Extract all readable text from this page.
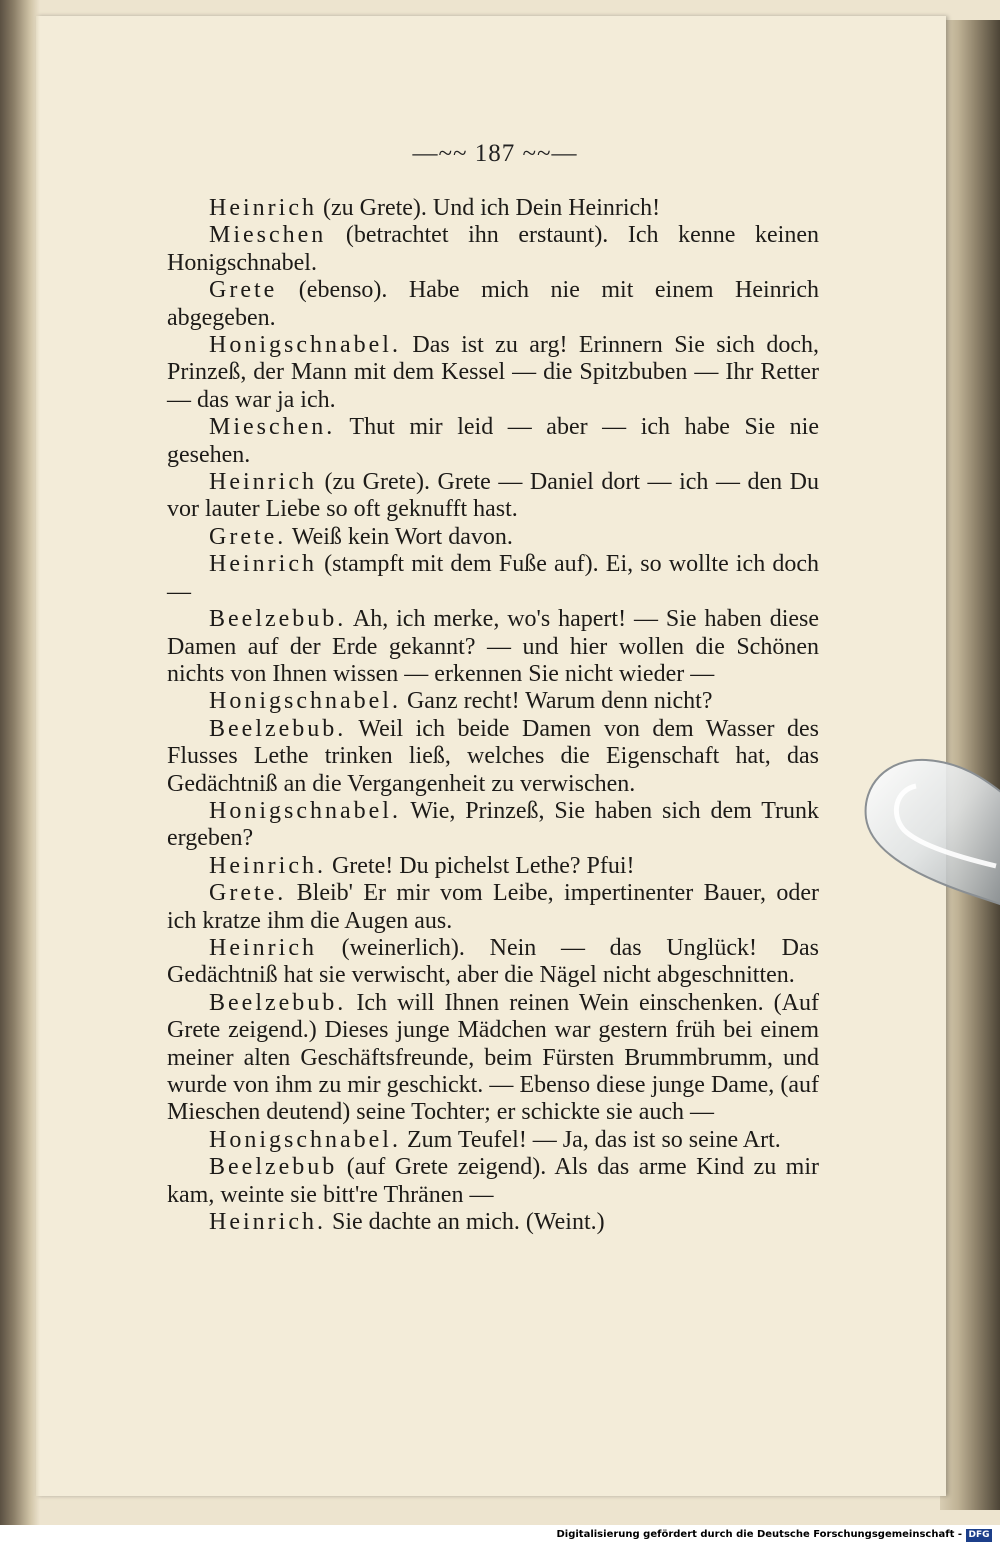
—~~ 187 ~~—

Heinrich (zu Grete). Und ich Dein Heinrich!

Mieschen (betrachtet ihn erstaunt). Ich kenne keinen Honigschnabel.

Grete (ebenso). Habe mich nie mit einem Heinrich abgegeben.

Honigschnabel. Das ist zu arg! Erinnern Sie sich doch, Prinzeß, der Mann mit dem Kessel — die Spitzbuben — Ihr Retter — das war ja ich.

Mieschen. Thut mir leid — aber — ich habe Sie nie gesehen.

Heinrich (zu Grete). Grete — Daniel dort — ich — den Du vor lauter Liebe so oft geknufft hast.

Grete. Weiß kein Wort davon.

Heinrich (stampft mit dem Fuße auf). Ei, so wollte ich doch —

Beelzebub. Ah, ich merke, wo's hapert! — Sie haben diese Damen auf der Erde gekannt? — und hier wollen die Schönen nichts von Ihnen wissen — erkennen Sie nicht wieder —

Honigschnabel. Ganz recht! Warum denn nicht?

Beelzebub. Weil ich beide Damen von dem Wasser des Flusses Lethe trinken ließ, welches die Eigenschaft hat, das Gedächtniß an die Vergangenheit zu verwischen.

Honigschnabel. Wie, Prinzeß, Sie haben sich dem Trunk ergeben?

Heinrich. Grete! Du pichelst Lethe? Pfui!

Grete. Bleib' Er mir vom Leibe, impertinenter Bauer, oder ich kratze ihm die Augen aus.

Heinrich (weinerlich). Nein — das Unglück! Das Gedächtniß hat sie verwischt, aber die Nägel nicht abgeschnitten.

Beelzebub. Ich will Ihnen reinen Wein einschenken. (Auf Grete zeigend.) Dieses junge Mädchen war gestern früh bei einem meiner alten Geschäftsfreunde, beim Fürsten Brummbrumm, und wurde von ihm zu mir geschickt. — Ebenso diese junge Dame, (auf Mieschen deutend) seine Tochter; er schickte sie auch —

Honigschnabel. Zum Teufel! — Ja, das ist so seine Art.

Beelzebub (auf Grete zeigend). Als das arme Kind zu mir kam, weinte sie bitt're Thränen —

Heinrich. Sie dachte an mich. (Weint.)

Digitalisierung gefördert durch die Deutsche Forschungsgemeinschaft - DFG
